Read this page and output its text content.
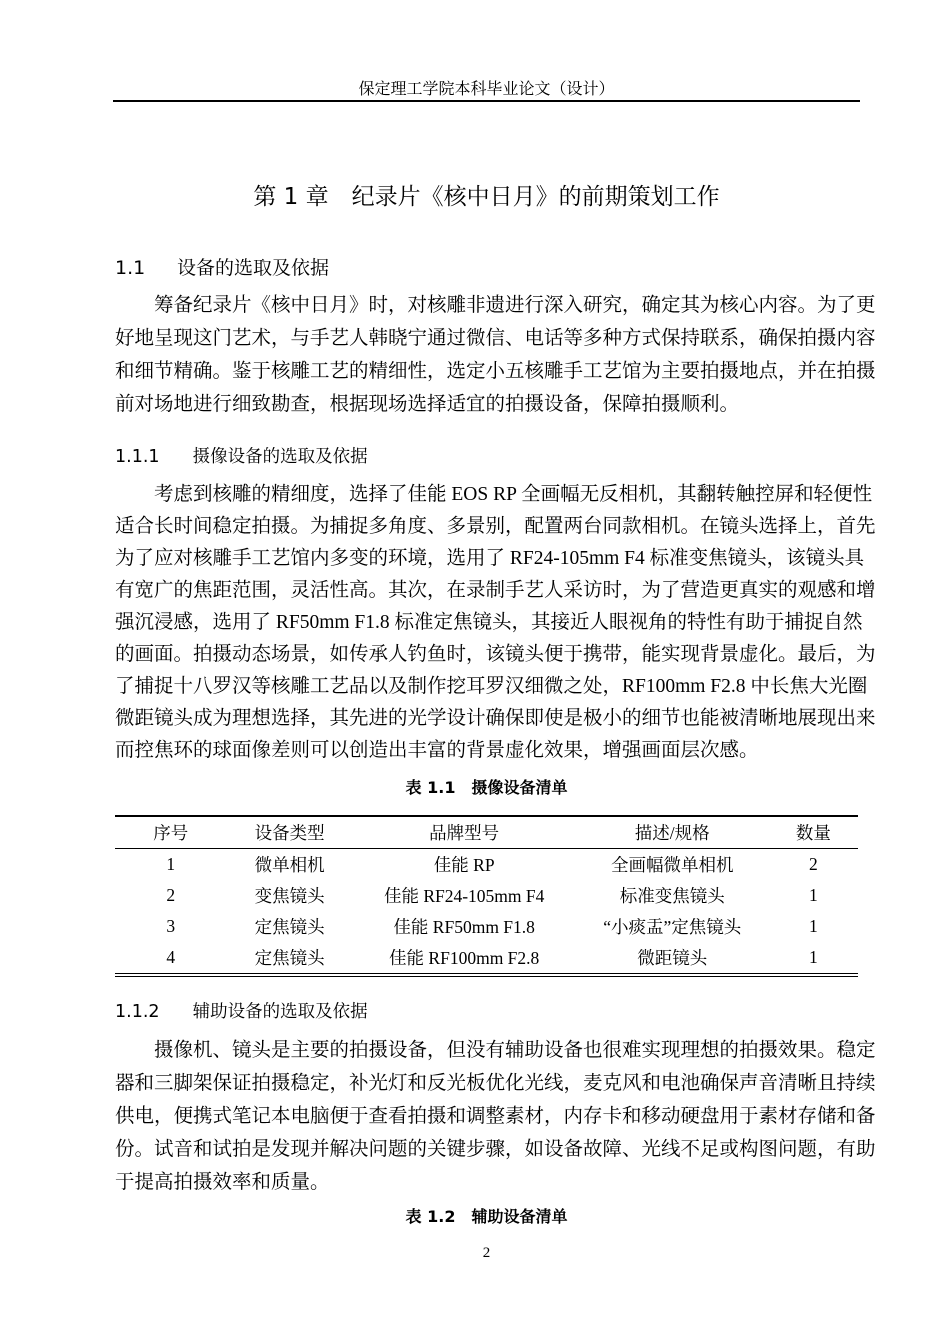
保定理工学院本科毕业论文（设计）
第 1 章　纪录片《核中日月》的前期策划工作
1.1 设备的选取及依据
筹备纪录片《核中日月》时，对核雕非遗进行深入研究，确定其为核心内容。为了更
好地呈现这门艺术，与手艺人韩晓宁通过微信、电话等多种方式保持联系，确保拍摄内容
和细节精确。鉴于核雕工艺的精细性，选定小五核雕手工艺馆为主要拍摄地点，并在拍摄
前对场地进行细致勘查，根据现场选择适宜的拍摄设备，保障拍摄顺利。
1.1.1 摄像设备的选取及依据
考虑到核雕的精细度，选择了佳能 EOS RP 全画幅无反相机，其翻转触控屏和轻便性
适合长时间稳定拍摄。为捕捉多角度、多景别，配置两台同款相机。在镜头选择上，首先
为了应对核雕手工艺馆内多变的环境，选用了 RF24-105mm F4 标准变焦镜头，该镜头具
有宽广的焦距范围，灵活性高。其次，在录制手艺人采访时，为了营造更真实的观感和增
强沉浸感，选用了 RF50mm F1.8 标准定焦镜头，其接近人眼视角的特性有助于捕捉自然
的画面。拍摄动态场景，如传承人钓鱼时，该镜头便于携带，能实现背景虚化。最后，为
了捕捉十八罗汉等核雕工艺品以及制作挖耳罗汉细微之处，RF100mm F2.8 中长焦大光圈
微距镜头成为理想选择，其先进的光学设计确保即使是极小的细节也能被清晰地展现出来
而控焦环的球面像差则可以创造出丰富的背景虚化效果，增强画面层次感。
表 1.1　摄像设备清单
序号	设备类型	品牌型号	描述/规格	数量
1	微单相机	佳能 RP	全画幅微单相机	2
2	变焦镜头	佳能 RF24-105mm F4	标准变焦镜头	1
3	定焦镜头	佳能 RF50mm F1.8	“小痰盂”定焦镜头	1
4	定焦镜头	佳能 RF100mm F2.8	微距镜头	1
1.1.2 辅助设备的选取及依据
摄像机、镜头是主要的拍摄设备，但没有辅助设备也很难实现理想的拍摄效果。稳定
器和三脚架保证拍摄稳定，补光灯和反光板优化光线，麦克风和电池确保声音清晰且持续
供电，便携式笔记本电脑便于查看拍摄和调整素材，内存卡和移动硬盘用于素材存储和备
份。试音和试拍是发现并解决问题的关键步骤，如设备故障、光线不足或构图问题，有助
于提高拍摄效率和质量。
表 1.2　辅助设备清单
2
